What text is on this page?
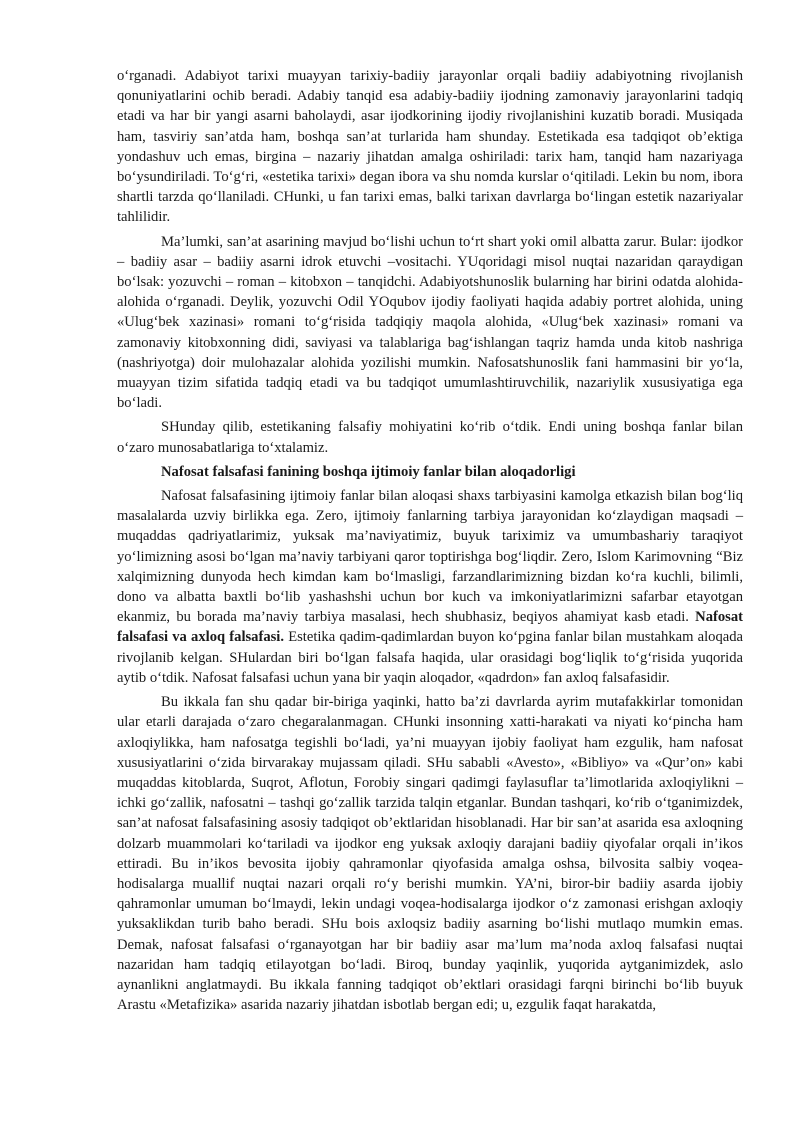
o‘rganadi. Adabiyot tarixi muayyan tarixiy-badiiy jarayonlar orqali badiiy adabiyotning rivojlanish qonuniyatlarini ochib beradi. Adabiy tanqid esa adabiy-badiiy ijodning zamonaviy jarayonlarini tadqiq etadi va har bir yangi asarni baholaydi, asar ijodkorining ijodiy rivojlanishini kuzatib boradi. Musiqada ham, tasviriy san’atda ham, boshqa san’at turlarida ham shunday. Estetikada esa tadqiqot ob’ektiga yondashuv uch emas, birgina – nazariy jihatdan amalga oshiriladi: tarix ham, tanqid ham nazariyaga bo‘ysundiriladi. To‘g‘ri, «estetika tarixi» degan ibora va shu nomda kurslar o‘qitiladi. Lekin bu nom, ibora shartli tarzda qo‘llaniladi. CHunki, u fan tarixi emas, balki tarixan davrlarga bo‘lingan estetik nazariyalar tahlilidir.

Ma’lumki, san’at asarining mavjud bo‘lishi uchun to‘rt shart yoki omil albatta zarur. Bular: ijodkor – badiiy asar – badiiy asarni idrok etuvchi –vositachi. YUqoridagi misol nuqtai nazaridan qaraydigan bo‘lsak: yozuvchi – roman – kitobxon – tanqidchi. Adabiyotshunoslik bularning har birini odatda alohida-alohida o‘rganadi. Deylik, yozuvchi Odil YOqubov ijodiy faoliyati haqida adabiy portret alohida, uning «Ulug‘bek xazinasi» romani to‘g‘risida tadqiqiy maqola alohida, «Ulug‘bek xazinasi» romani va zamonaviy kitobxonning didi, saviyasi va talablariga bag‘ishlangan taqriz hamda unda kitob nashriga (nashriyotga) doir mulohazalar alohida yozilishi mumkin. Nafosatshunoslik fani hammasini bir yo‘la, muayyan tizim sifatida tadqiq etadi va bu tadqiqot umumlashtiruvchilik, nazariylik xususiyatiga ega bo‘ladi.

SHunday qilib, estetikaning falsafiy mohiyatini ko‘rib o‘tdik. Endi uning boshqa fanlar bilan o‘zaro munosabatlariga to‘xtalamiz.

Nafosat falsafasi fanining boshqa ijtimoiy fanlar bilan aloqadorligi

Nafosat falsafasining ijtimoiy fanlar bilan aloqasi shaxs tarbiyasini kamolga etkazish bilan bog‘liq masalalarda uzviy birlikka ega. Zero, ijtimoiy fanlarning tarbiya jarayonidan ko‘zlaydigan maqsadi – muqaddas qadriyatlarimiz, yuksak ma’naviyatimiz, buyuk tariximiz va umumbashariy taraqiyot yo‘limizning asosi bo‘lgan ma’naviy tarbiyani qaror toptirishga bog‘liqdir. Zero, Islom Karimovning “Biz xalqimizning dunyoda hech kimdan kam bo‘lmasligi, farzandlarimizning bizdan ko‘ra kuchli, bilimli, dono va albatta baxtli bo‘lib yashashshi uchun bor kuch va imkoniyatlarimizni safarbar etayotgan ekanmiz, bu borada ma’naviy tarbiya masalasi, hech shubhasiz, beqiyos ahamiyat kasb etadi. Nafosat falsafasi va axloq falsafasi. Estetika qadim-qadimlardan buyon ko‘pgina fanlar bilan mustahkam aloqada rivojlanib kelgan. SHulardan biri bo‘lgan falsafa haqida, ular orasidagi bog‘liqlik to‘g‘risida yuqorida aytib o‘tdik. Nafosat falsafasi uchun yana bir yaqin aloqador, «qadrdon» fan axloq falsafasidir.

Bu ikkala fan shu qadar bir-biriga yaqinki, hatto ba’zi davrlarda ayrim mutafakkirlar tomonidan ular etarli darajada o‘zaro chegaralanmagan. CHunki insonning xatti-harakati va niyati ko‘pincha ham axloqiylikka, ham nafosatga tegishli bo‘ladi, ya’ni muayyan ijobiy faoliyat ham ezgulik, ham nafosat xususiyatlarini o‘zida birvarakay mujassam qiladi. SHu sababli «Avesto», «Bibliyo» va «Qur’on» kabi muqaddas kitoblarda, Suqrot, Aflotun, Forobiy singari qadimgi faylasuflar ta’limotlarida axloqiylikni – ichki go‘zallik, nafosatni – tashqi go‘zallik tarzida talqin etganlar. Bundan tashqari, ko‘rib o‘tganimizdek, san’at nafosat falsafasining asosiy tadqiqot ob’ektlaridan hisoblanadi. Har bir san’at asarida esa axloqning dolzarb muammolari ko‘tariladi va ijodkor eng yuksak axloqiy darajani badiiy qiyofalar orqali in’ikos ettiradi. Bu in’ikos bevosita ijobiy qahramonlar qiyofasida amalga oshsa, bilvosita salbiy voqea-hodisalarga muallif nuqtai nazari orqali ro‘y berishi mumkin. YA’ni, biror-bir badiiy asarda ijobiy qahramonlar umuman bo‘lmaydi, lekin undagi voqea-hodisalarga ijodkor o‘z zamonasi erishgan axloqiy yuksaklikdan turib baho beradi. SHu bois axloqsiz badiiy asarning bo‘lishi mutlaqo mumkin emas. Demak, nafosat falsafasi o‘rganayotgan har bir badiiy asar ma’lum ma’noda axloq falsafasi nuqtai nazaridan ham tadqiq etilayotgan bo‘ladi. Biroq, bunday yaqinlik, yuqorida aytganimizdek, aslo aynanlikni anglatmaydi. Bu ikkala fanning tadqiqot ob’ektlari orasidagi farqni birinchi bo‘lib buyuk Arastu «Metafizika» asarida nazariy jihatdan isbotlab bergan edi; u, ezgulik faqat harakatda,
